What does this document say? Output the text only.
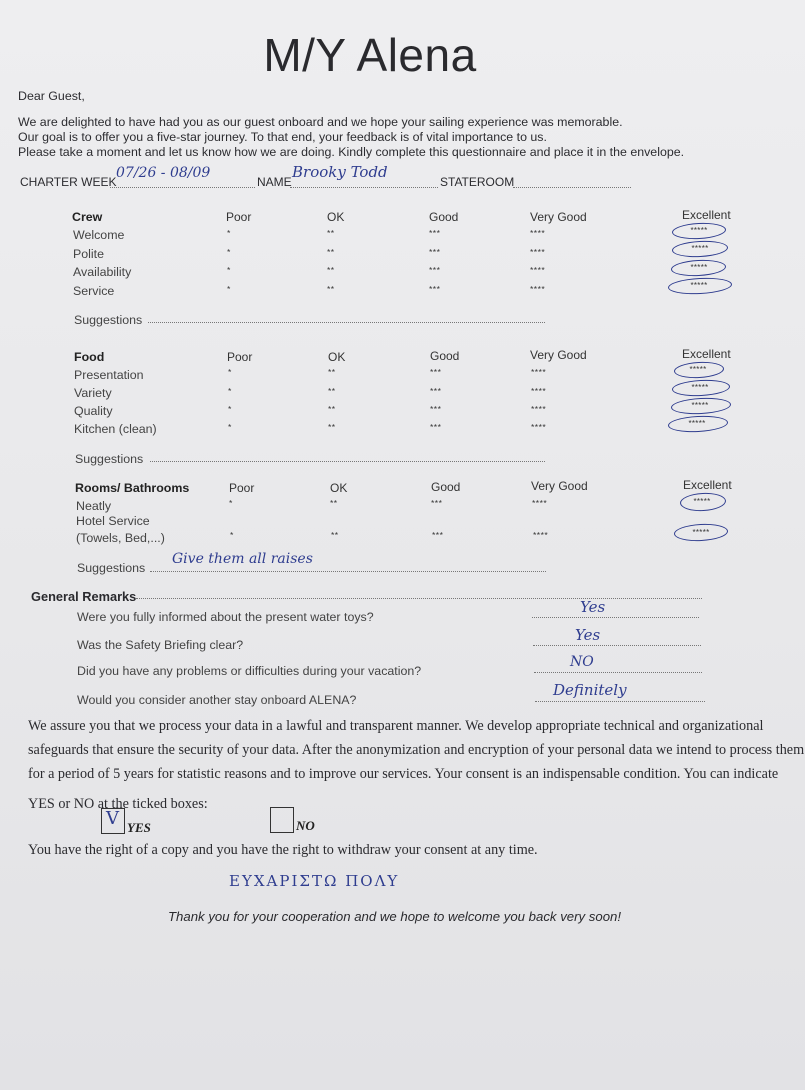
M/Y Alena
Dear Guest,
We are delighted to have had you as our guest onboard and we hope your sailing experience was memorable.
Our goal is to offer you a five-star journey. To that end, your feedback is of vital importance to us.
Please take a moment and let us know how we are doing. Kindly complete this questionnaire and place it in the envelope.
CHARTER WEEK
07/26 - 08/09
NAME
Brooky Todd
STATEROOM
Crew	Poor	OK	Good	Very Good	Excellent
Welcome	*	**	***	****	*****
Polite	*	**	***	****	*****
Availability	*	**	***	****	*****
Service	*	**	***	****	*****
Suggestions
Food	Poor	OK	Good	Very Good	Excellent
Presentation	*	**	***	****	*****
Variety	*	**	***	****	*****
Quality	*	**	***	****	*****
Kitchen (clean)	*	**	***	****	*****
Suggestions
Rooms/ Bathrooms	Poor	OK	Good	Very Good	Excellent
Neatly	*	**	***	****	*****
Hotel Service
(Towels, Bed,...)	*	**	***	****	*****
Suggestions
Give them all raises
General Remarks
Were you fully informed about the present water toys?
Yes
Was the Safety Briefing clear?
Yes
Did you have any problems or difficulties during your vacation?
NO
Would you consider another stay onboard ALENA?
Definitely
We assure you that we process your data in a lawful and transparent manner. We develop appropriate technical and organizational
safeguards that ensure the security of your data. After the anonymization and encryption of your personal data we intend to process them
for a period of 5 years for statistic reasons and to improve our services. Your consent is an indispensable condition. You can indicate
YES or NO at the ticked boxes:
V YES	NO
You have the right of a copy and you have the right to withdraw your consent at any time.
ΕΥΧΑΡΙΣΤΩ ΠΟΛΥ
Thank you for your cooperation and we hope to welcome you back very soon!
